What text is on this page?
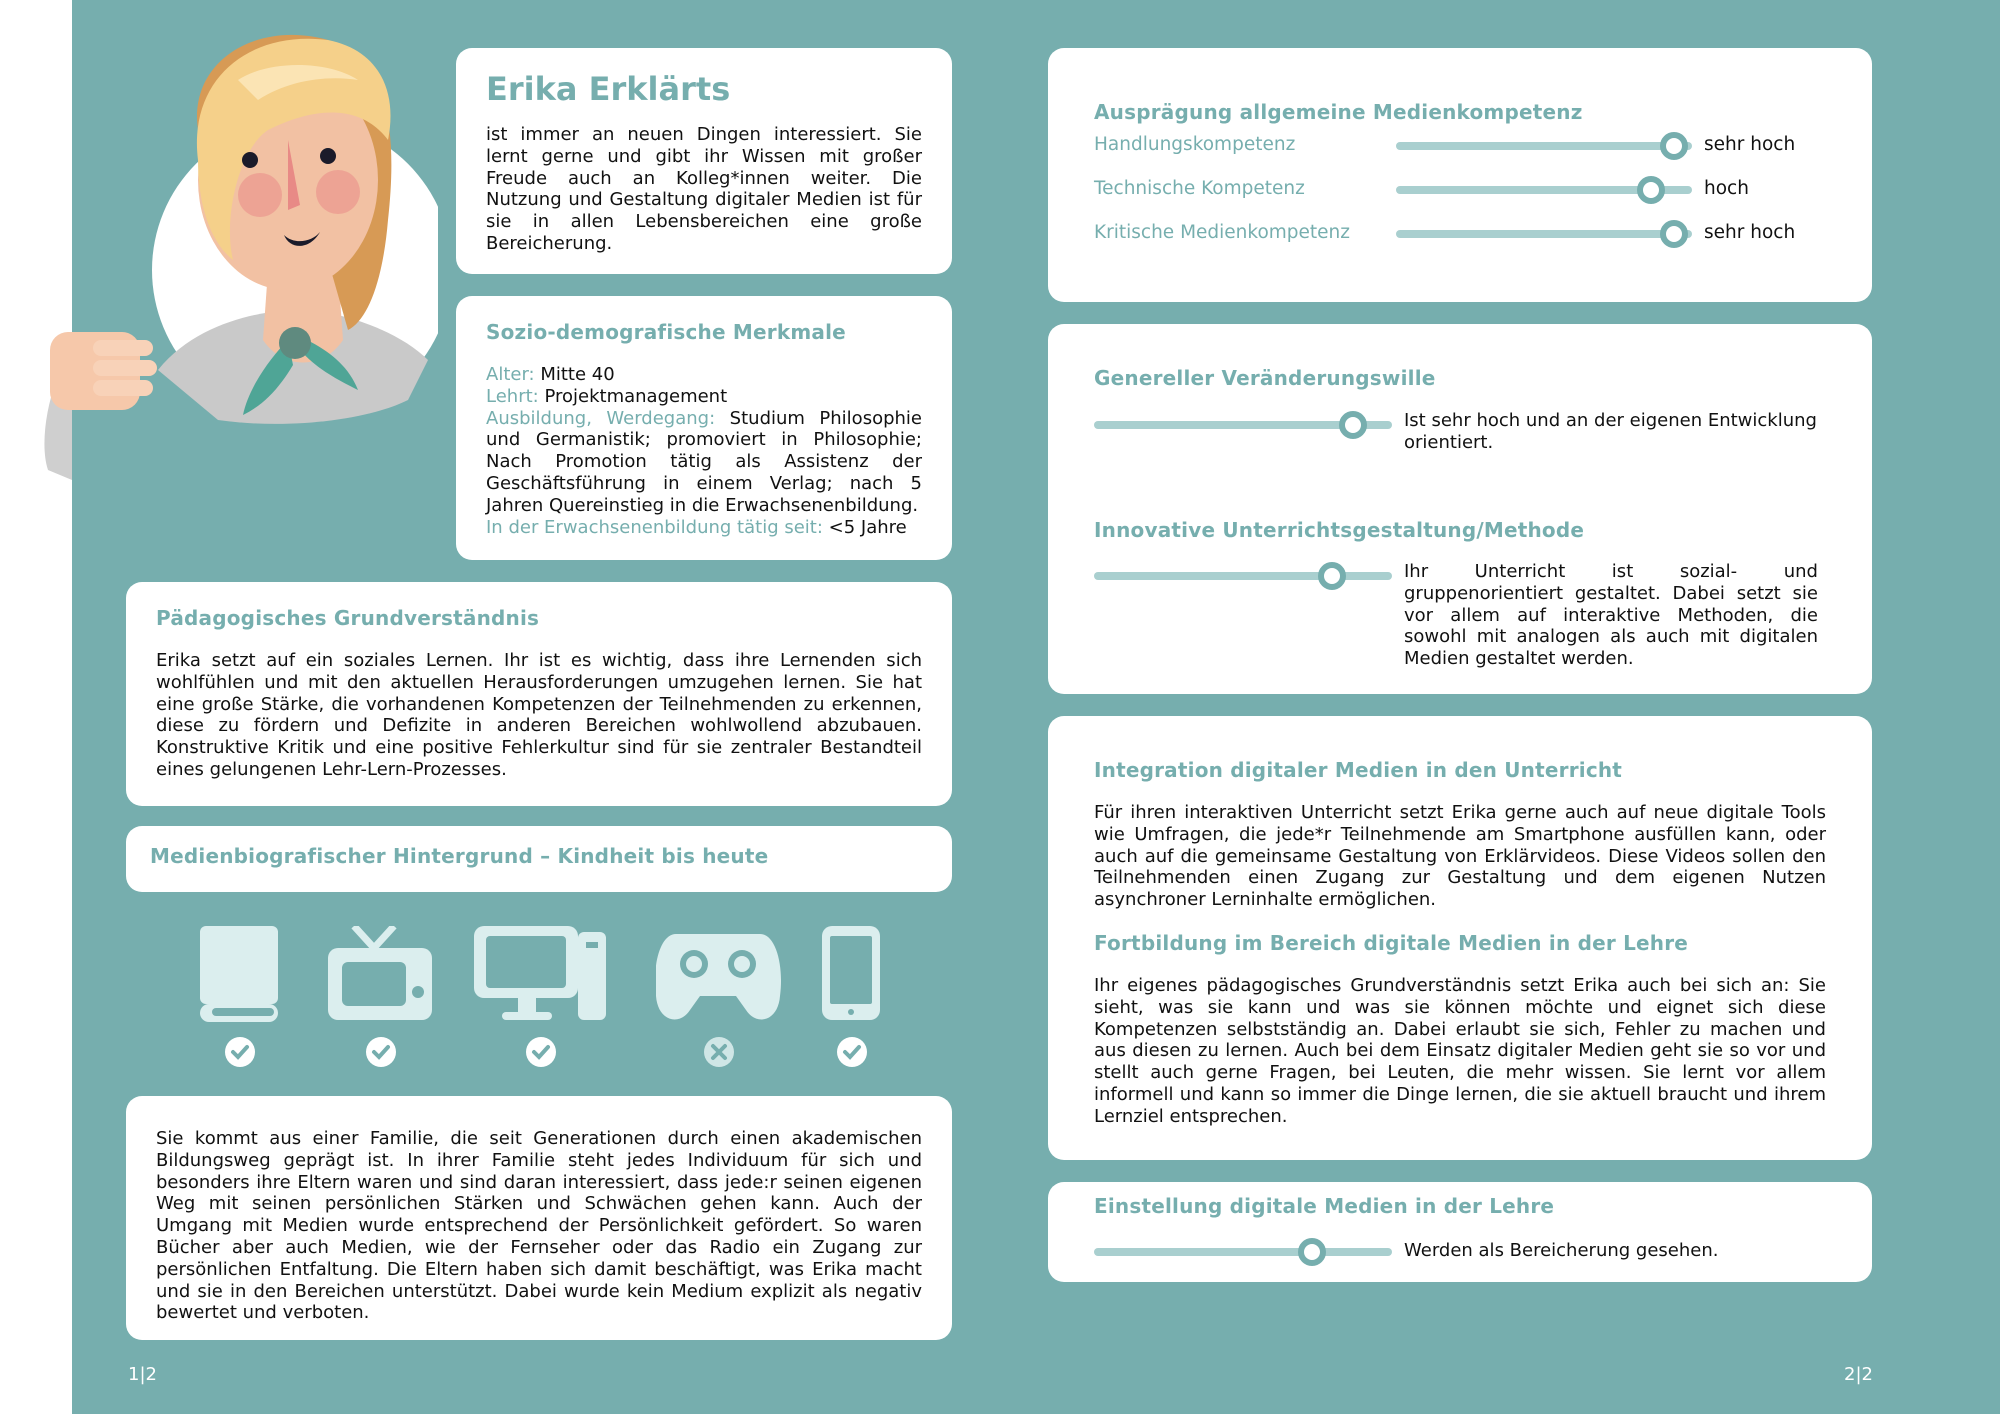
Erika Erklärts
ist immer an neuen Dingen interessiert. Sie lernt gerne und gibt ihr Wissen mit großer Freude auch an Kolleg*innen weiter. Die Nutzung und Gestaltung digitaler Medien ist für sie in allen Lebensbereichen eine große Bereicherung.
Sozio-demografische Merkmale
Alter: Mitte 40
Lehrt: Projektmanagement
Ausbildung, Werdegang: Studium Philosophie und Germanistik; promoviert in Philosophie; Nach Promotion tätig als Assistenz der Geschäftsführung in einem Verlag; nach 5 Jahren Quereinstieg in die Erwachsenenbildung.
In der Erwachsenenbildung tätig seit: <5 Jahre
Pädagogisches Grundverständnis
Erika setzt auf ein soziales Lernen. Ihr ist es wichtig, dass ihre Lernenden sich wohlfühlen und mit den aktuellen Herausforderungen umzugehen lernen. Sie hat eine große Stärke, die vorhandenen Kompetenzen der Teilnehmenden zu erkennen, diese zu fördern und Defizite in anderen Bereichen wohlwollend abzubauen. Konstruktive Kritik und eine positive Fehlerkultur sind für sie zentraler Bestandteil eines gelungenen Lehr-Lern-Prozesses.
Medienbiografischer Hintergrund – Kindheit bis heute
Sie kommt aus einer Familie, die seit Generationen durch einen akademischen Bildungsweg geprägt ist. In ihrer Familie steht jedes Individuum für sich und besonders ihre Eltern waren und sind daran interessiert, dass jede:r seinen eigenen Weg mit seinen persönlichen Stärken und Schwächen gehen kann. Auch der Umgang mit Medien wurde entsprechend der Persönlichkeit gefördert. So waren Bücher aber auch Medien, wie der Fernseher oder das Radio ein Zugang zur persönlichen Entfaltung. Die Eltern haben sich damit beschäftigt, was Erika macht und sie in den Bereichen unterstützt. Dabei wurde kein Medium explizit als negativ bewertet und verboten.
Ausprägung allgemeine Medienkompetenz
Handlungskompetenz	sehr hoch
Technische Kompetenz	hoch
Kritische Medienkompetenz	sehr hoch
Genereller Veränderungswille
Ist sehr hoch und an der eigenen Entwicklung orientiert.
Innovative Unterrichtsgestaltung/Methode
Ihr Unterricht ist sozial- und gruppenorientiert gestaltet. Dabei setzt sie vor allem auf interaktive Methoden, die sowohl mit analogen als auch mit digitalen Medien gestaltet werden.
Integration digitaler Medien in den Unterricht
Für ihren interaktiven Unterricht setzt Erika gerne auch auf neue digitale Tools wie Umfragen, die jede*r Teilnehmende am Smartphone ausfüllen kann, oder auch auf die gemeinsame Gestaltung von Erklärvideos. Diese Videos sollen den Teilnehmenden einen Zugang zur Gestaltung und dem eigenen Nutzen asynchroner Lerninhalte ermöglichen.
Fortbildung im Bereich digitale Medien in der Lehre
Ihr eigenes pädagogisches Grundverständnis setzt Erika auch bei sich an: Sie sieht, was sie kann und was sie können möchte und eignet sich diese Kompetenzen selbstständig an. Dabei erlaubt sie sich, Fehler zu machen und aus diesen zu lernen. Auch bei dem Einsatz digitaler Medien geht sie so vor und stellt auch gerne Fragen, bei Leuten, die mehr wissen. Sie lernt vor allem informell und kann so immer die Dinge lernen, die sie aktuell braucht und ihrem Lernziel entsprechen.
Einstellung digitale Medien in der Lehre
Werden als Bereicherung gesehen.
1|2	2|2
